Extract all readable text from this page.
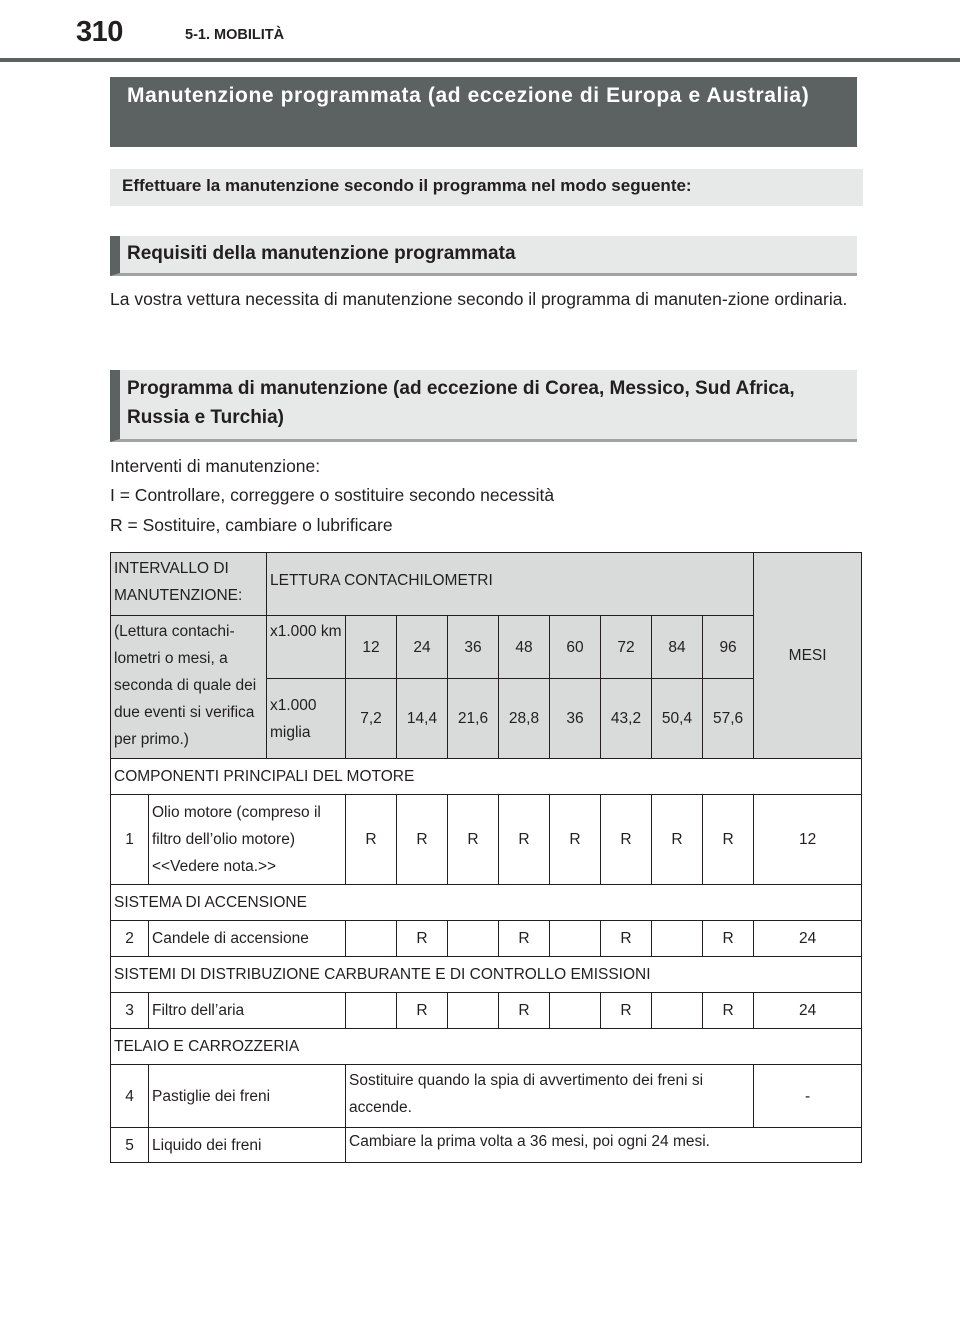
310	5-1. MOBILITÀ
Manutenzione programmata (ad eccezione di Europa e Australia)
Effettuare la manutenzione secondo il programma nel modo seguente:
Requisiti della manutenzione programmata
La vostra vettura necessita di manutenzione secondo il programma di manuten-zione ordinaria.
Programma di manutenzione (ad eccezione di Corea, Messico, Sud Africa, Russia e Turchia)
Interventi di manutenzione:
I = Controllare, correggere o sostituire secondo necessità
R = Sostituire, cambiare o lubrificare
INTERVALLO DI MANUTENZIONE:		LETTURA CONTACHILOMETRI									MESI
(Lettura contachi-lometri o mesi, a seconda di quale dei due eventi si verifica per primo.)		x1.000 km	12	24	36	48	60	72	84	96	
		x1.000 miglia	7,2	14,4	21,6	28,8	36	43,2	50,4	57,6	
COMPONENTI PRINCIPALI DEL MOTORE											
1	Olio motore (compreso il filtro dell’olio motore) <<Vedere nota.>>		R	R	R	R	R	R	R	R	12
SISTEMA DI ACCENSIONE											
2	Candele di accensione			R		R		R		R	24
SISTEMI DI DISTRIBUZIONE CARBURANTE E DI CONTROLLO EMISSIONI											
3	Filtro dell’aria			R		R		R		R	24
TELAIO E CARROZZERIA											
4	Pastiglie dei freni		Sostituire quando la spia di avvertimento dei freni si accende.								-
5	Liquido dei freni		Cambiare la prima volta a 36 mesi, poi ogni 24 mesi.								
